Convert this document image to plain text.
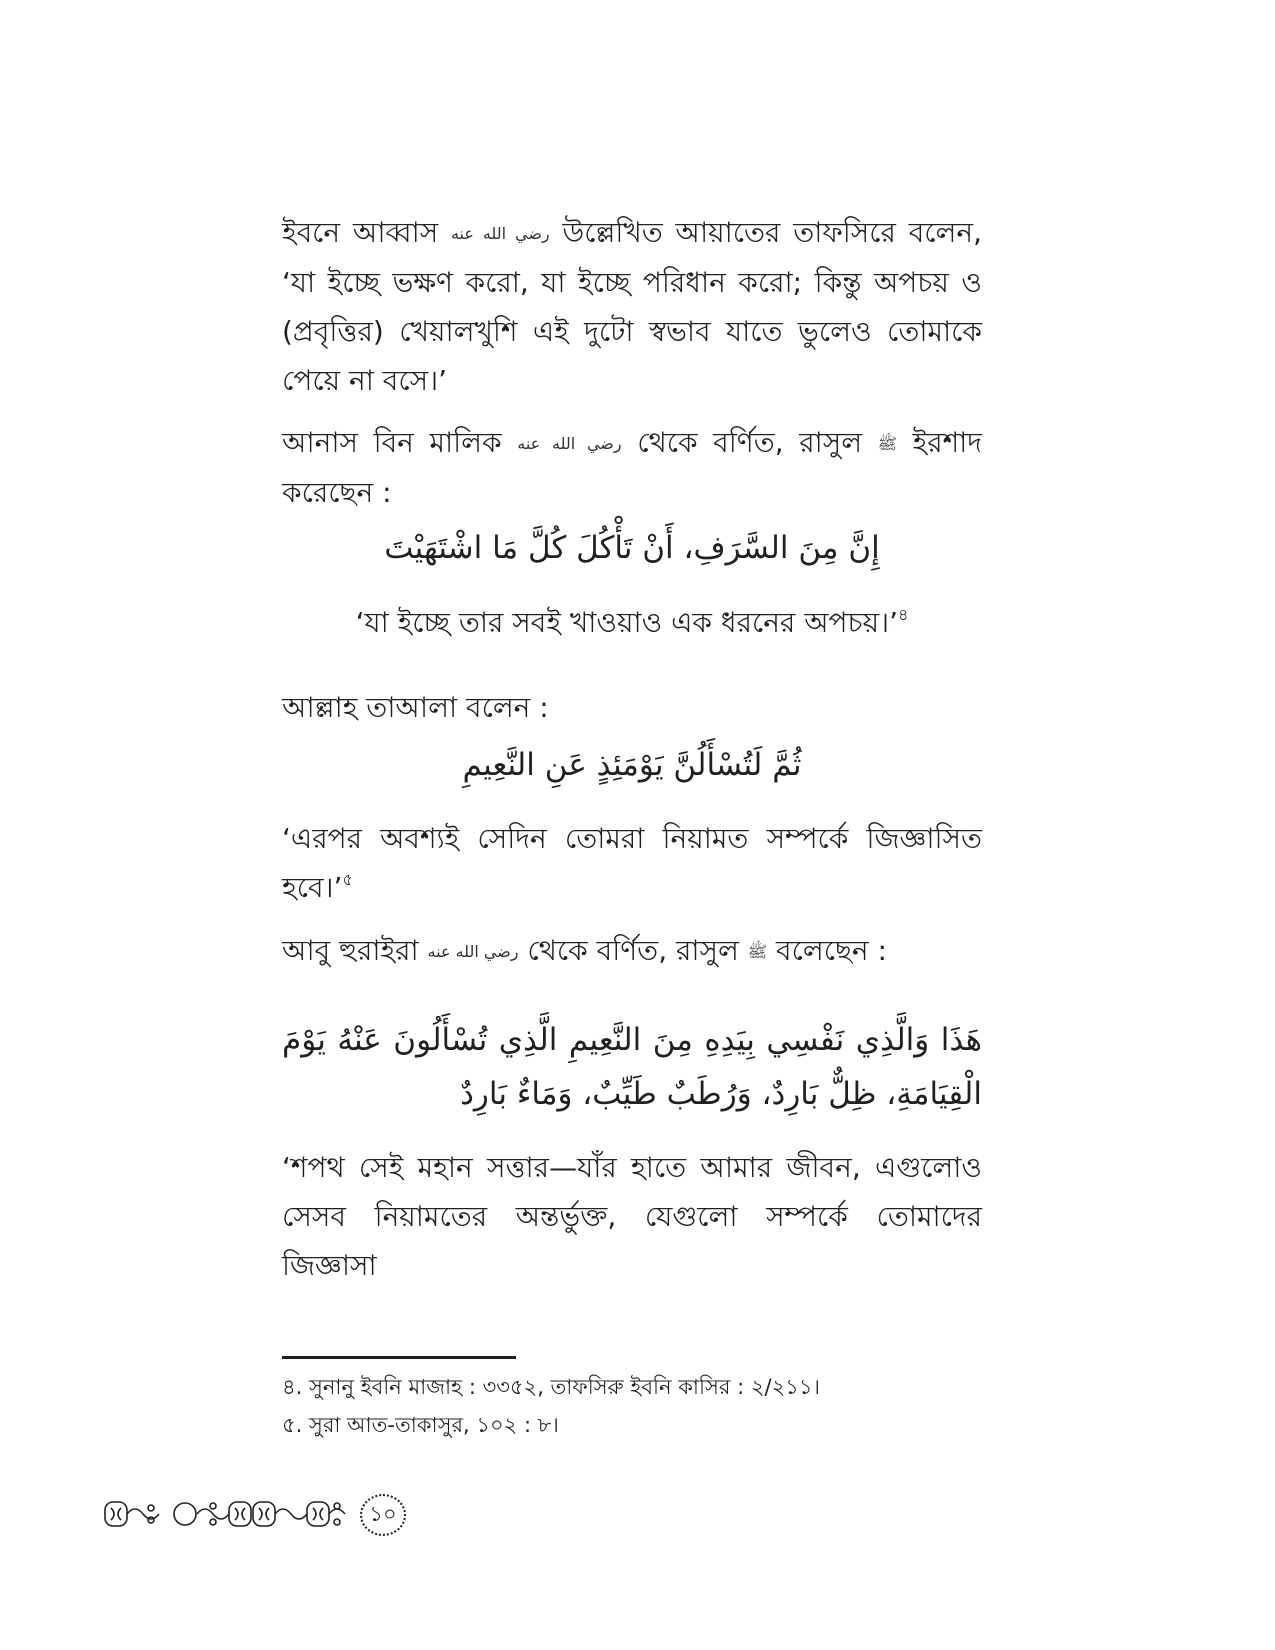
ইবনে আব্বাস رضي الله عنه উল্লেখিত আয়াতের তাফসিরে বলেন, ‘যা ইচ্ছে ভক্ষণ করো, যা ইচ্ছে পরিধান করো; কিন্তু অপচয় ও (প্রবৃত্তির) খেয়ালখুশি এই দুটো স্বভাব যাতে ভুলেও তোমাকে পেয়ে না বসে।’

আনাস বিন মালিক رضي الله عنه থেকে বর্ণিত, রাসুল ﷺ ইরশাদ করেছেন :

إِنَّ مِنَ السَّرَفِ، أَنْ تَأْكُلَ كُلَّ مَا اشْتَهَيْتَ
‘যা ইচ্ছে তার সবই খাওয়াও এক ধরনের অপচয়।’$^৪$

আল্লাহ তাআলা বলেন :

ثُمَّ لَتُسْأَلُنَّ يَوْمَئِذٍ عَنِ النَّعِيمِ

‘এরপর অবশ্যই সেদিন তোমরা নিয়ামত সম্পর্কে জিজ্ঞাসিত হবে।’$^৫$

আবু হুরাইরা رضي الله عنه থেকে বর্ণিত, রাসুল ﷺ বলেছেন :

هَذَا وَالَّذِي نَفْسِي بِيَدِهِ مِنَ النَّعِيمِ الَّذِي تُسْأَلُونَ عَنْهُ يَوْمَ الْقِيَامَةِ، ظِلٌّ بَارِدٌ، وَرُطَبٌ طَيِّبٌ، وَمَاءٌ بَارِدٌ

‘শপথ সেই মহান সত্তার—যাঁর হাতে আমার জীবন, এগুলোও সেসব নিয়ামতের অন্তর্ভুক্ত, যেগুলো সম্পর্কে তোমাদের জিজ্ঞাসা

৪. সুনানু ইবনি মাজাহ : ৩৩৫২, তাফসিরু ইবনি কাসির : ২/২১১।
৫. সুরা আত-তাকাসুর, ১০২ : ৮।
১০
